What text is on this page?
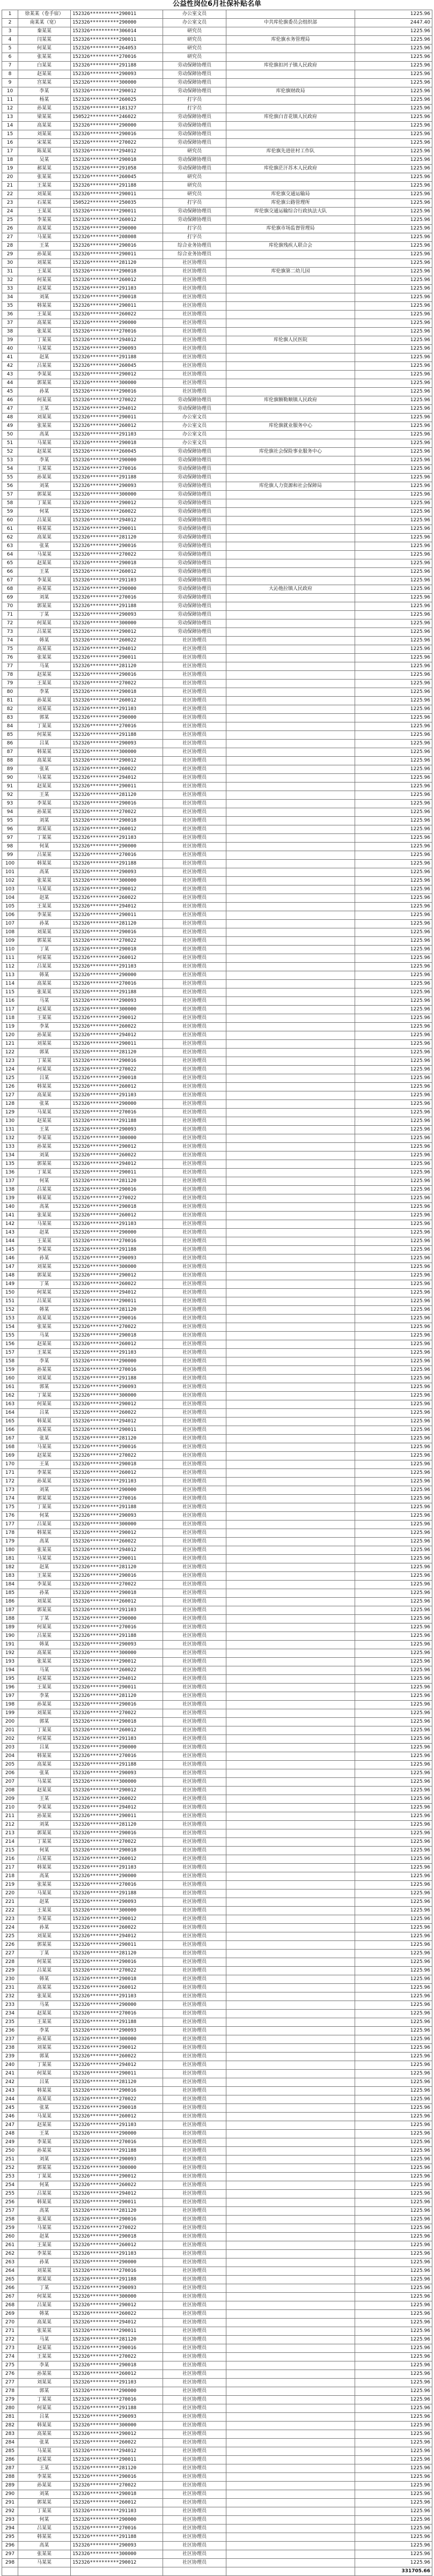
公益性岗位6月社保补贴名单
1	徐某某（卷手宿）	152326**********290011	办公室文员		1225.96
2	南某某（宽）	152326**********290000	办公室文员	中共库伦旗委员会组织部	2447.40
3	秦某某	152326**********306014	研究员		1225.96
4	闫某某	152326**********290011	研究员	库伦旗水务管理局	1225.96
5	何某某	152326**********264053	研究员		1225.96
6	张某某	152326**********270016	研究员		1225.96
7	白某某	152326**********291188	劳动保障协理员	库伦旗扣河子镇人民政府	1225.96
8	赵某某	152326**********290093	劳动保障协理员		1225.96
9	宫某某	152326**********300000	劳动保障协理员		1225.96
10	李某	152326**********290012	劳动保障协理员	库伦旗财政局	1225.96
11	杨某	152326**********260025	打字员		1225.96
12	孙某某	152326**********181327	打字员		1225.96
13	梁某某	150522**********246022	劳动保障协理员	库伦旗白音花镇人民政府	1225.96
14	高某某	152326**********290000	劳动保障协理员		1225.96
15	刘某某	152326**********290016	劳动保障协理员		1225.96
16	宋某某	152326**********270022	劳动保障协理员		1225.96
17	陈某某	152326**********294012	研究员	库伦旗先进驻村工作队	1225.96
18	吴某	152326**********290018	劳动保障协理员		1225.96
19	郝某某	152326**********291058	劳动保障协理员	库伦旗茫汗苏木人民政府	1225.96
20	张某某	152326**********260045	研究员		1225.96
21	王某某	152326**********291188	研究员		1225.96
22	刘某某	152326**********290011	研究员	库伦旗交通运输局	1225.96
23	石某某	150522**********250035	打字员	库伦旗公路管理所	1225.96
24	王某某	152326**********290011	劳动保障协理员	库伦旗交通运输综合行政执法大队	1225.96
25	李某某	152326**********260012	劳动保障协理员		1225.96
26	高某某	152326**********290000	打字员	库伦旗市场监督管理局	1225.96
27	马某某	152326**********208008	打字员		1225.96
28	王某	152326**********290016	综合业务协理员	库伦旗残疾人联合会	1225.96
29	孙某某	152326**********290011	综合业务协理员		1225.96
30	刘某某	152326**********281120	社区协理员		1225.96
31	王某某	152326**********290018	社区协理员	库伦旗第二幼儿园	1225.96
32	何某某	152326**********260012	社区协理员		1225.96
33	赵某某	152326**********291103	社区协理员		1225.96
34	刘某	152326**********290018	社区协理员		1225.96
35	韩某某	152326**********290011	社区协理员		1225.96
36	王某某	152326**********260022	社区协理员		1225.96
37	高某某	152326**********290000	社区协理员		1225.96
38	张某某	152326**********270016	社区协理员		1225.96
39	丁某某	152326**********294012	社区协理员	库伦旗人民医院	1225.96
40	马某某	152326**********290093	社区协理员		1225.96
41	赵某	152326**********291188	社区协理员		1225.96
42	吕某某	152326**********260045	社区协理员		1225.96
43	李某某	152326**********290012	社区协理员		1225.96
44	郭某某	152326**********300000	社区协理员		1225.96
45	孙某	152326**********290016	社区协理员		1225.96
46	何某某	152326**********270022	劳动保障协理员	库伦旗额勒顺镇人民政府	1225.96
47	王某	152326**********294012	劳动保障协理员		1225.96
48	刘某某	152326**********290011	办公室文员		1225.96
49	张某某	152326**********260012	办公室文员	库伦旗就业服务中心	1225.96
50	高某	152326**********291103	办公室文员		1225.96
51	马某某	152326**********290018	办公室文员		1225.96
52	赵某某	152326**********260045	劳动保障协理员	库伦旗社会保险事业服务中心	1225.96
53	李某	152326**********290000	劳动保障协理员		1225.96
54	王某某	152326**********270016	劳动保障协理员		1225.96
55	孙某某	152326**********291188	劳动保障协理员		1225.96
56	刘某	152326**********290093	劳动保障协理员	库伦旗人力资源和社会保障局	1225.96
57	郭某某	152326**********300000	劳动保障协理员		1225.96
58	丁某某	152326**********290012	劳动保障协理员		1225.96
59	何某	152326**********260022	劳动保障协理员		1225.96
60	吕某某	152326**********294012	劳动保障协理员		1225.96
61	韩某某	152326**********290011	劳动保障协理员		1225.96
62	高某某	152326**********281120	劳动保障协理员		1225.96
63	张某	152326**********290016	劳动保障协理员		1225.96
64	马某某	152326**********270022	劳动保障协理员		1225.96
65	赵某某	152326**********290018	劳动保障协理员		1225.96
66	王某	152326**********260012	劳动保障协理员		1225.96
67	李某某	152326**********291103	劳动保障协理员		1225.96
68	孙某某	152326**********290000	劳动保障协理员	大沁他拉镇人民政府	1225.96
69	刘某	152326**********270016	劳动保障协理员		1225.96
70	郭某某	152326**********291188	劳动保障协理员		1225.96
71	丁某	152326**********290093	劳动保障协理员		1225.96
72	何某某	152326**********300000	劳动保障协理员		1225.96
73	吕某某	152326**********290012	劳动保障协理员		1225.96
74	韩某	152326**********260022	社区协理员		1225.96
75	高某某	152326**********294012	社区协理员		1225.96
76	张某某	152326**********290011	社区协理员		1225.96
77	马某	152326**********281120	社区协理员		1225.96
78	赵某某	152326**********290016	社区协理员		1225.96
79	王某某	152326**********270022	社区协理员		1225.96
80	李某	152326**********290018	社区协理员		1225.96
81	孙某某	152326**********260012	社区协理员		1225.96
82	刘某某	152326**********291103	社区协理员		1225.96
83	郭某	152326**********290000	社区协理员		1225.96
84	丁某某	152326**********270016	社区协理员		1225.96
85	何某某	152326**********291188	社区协理员		1225.96
86	吕某	152326**********290093	社区协理员		1225.96
87	韩某某	152326**********300000	社区协理员		1225.96
88	高某某	152326**********290012	社区协理员		1225.96
89	张某	152326**********260022	社区协理员		1225.96
90	马某某	152326**********294012	社区协理员		1225.96
91	赵某某	152326**********290011	社区协理员		1225.96
92	王某	152326**********281120	社区协理员		1225.96
93	李某某	152326**********290016	社区协理员		1225.96
94	孙某某	152326**********270022	社区协理员		1225.96
95	刘某	152326**********290018	社区协理员		1225.96
96	郭某某	152326**********260012	社区协理员		1225.96
97	丁某某	152326**********291103	社区协理员		1225.96
98	何某	152326**********290000	社区协理员		1225.96
99	吕某某	152326**********270016	社区协理员		1225.96
100	韩某某	152326**********291188	社区协理员		1225.96
101	高某	152326**********290093	社区协理员		1225.96
102	张某某	152326**********300000	社区协理员		1225.96
103	马某某	152326**********290012	社区协理员		1225.96
104	赵某	152326**********260022	社区协理员		1225.96
105	王某某	152326**********294012	社区协理员		1225.96
106	李某某	152326**********290011	社区协理员		1225.96
107	孙某	152326**********281120	社区协理员		1225.96
108	刘某某	152326**********290016	社区协理员		1225.96
109	郭某某	152326**********270022	社区协理员		1225.96
110	丁某	152326**********290018	社区协理员		1225.96
111	何某某	152326**********260012	社区协理员		1225.96
112	吕某某	152326**********291103	社区协理员		1225.96
113	韩某	152326**********290000	社区协理员		1225.96
114	高某某	152326**********270016	社区协理员		1225.96
115	张某某	152326**********291188	社区协理员		1225.96
116	马某	152326**********290093	社区协理员		1225.96
117	赵某某	152326**********300000	社区协理员		1225.96
118	王某某	152326**********290012	社区协理员		1225.96
119	李某	152326**********260022	社区协理员		1225.96
120	孙某某	152326**********294012	社区协理员		1225.96
121	刘某某	152326**********290011	社区协理员		1225.96
122	郭某	152326**********281120	社区协理员		1225.96
123	丁某某	152326**********290016	社区协理员		1225.96
124	何某某	152326**********270022	社区协理员		1225.96
125	吕某	152326**********290018	社区协理员		1225.96
126	韩某某	152326**********260012	社区协理员		1225.96
127	高某某	152326**********291103	社区协理员		1225.96
128	张某	152326**********290000	社区协理员		1225.96
129	马某某	152326**********270016	社区协理员		1225.96
130	赵某某	152326**********291188	社区协理员		1225.96
131	王某	152326**********290093	社区协理员		1225.96
132	李某某	152326**********300000	社区协理员		1225.96
133	孙某某	152326**********290012	社区协理员		1225.96
134	刘某	152326**********260022	社区协理员		1225.96
135	郭某某	152326**********294012	社区协理员		1225.96
136	丁某某	152326**********290011	社区协理员		1225.96
137	何某	152326**********281120	社区协理员		1225.96
138	吕某某	152326**********290016	社区协理员		1225.96
139	韩某某	152326**********270022	社区协理员		1225.96
140	高某	152326**********290018	社区协理员		1225.96
141	张某某	152326**********260012	社区协理员		1225.96
142	马某某	152326**********291103	社区协理员		1225.96
143	赵某	152326**********290000	社区协理员		1225.96
144	王某某	152326**********270016	社区协理员		1225.96
145	李某某	152326**********291188	社区协理员		1225.96
146	孙某	152326**********290093	社区协理员		1225.96
147	刘某某	152326**********300000	社区协理员		1225.96
148	郭某某	152326**********290012	社区协理员		1225.96
149	丁某	152326**********260022	社区协理员		1225.96
150	何某某	152326**********294012	社区协理员		1225.96
151	吕某某	152326**********290011	社区协理员		1225.96
152	韩某	152326**********281120	社区协理员		1225.96
153	高某某	152326**********290016	社区协理员		1225.96
154	张某某	152326**********270022	社区协理员		1225.96
155	马某	152326**********290018	社区协理员		1225.96
156	赵某某	152326**********260012	社区协理员		1225.96
157	王某某	152326**********291103	社区协理员		1225.96
158	李某	152326**********290000	社区协理员		1225.96
159	孙某某	152326**********270016	社区协理员		1225.96
160	刘某某	152326**********291188	社区协理员		1225.96
161	郭某	152326**********290093	社区协理员		1225.96
162	丁某某	152326**********300000	社区协理员		1225.96
163	何某某	152326**********290012	社区协理员		1225.96
164	吕某	152326**********260022	社区协理员		1225.96
165	韩某某	152326**********294012	社区协理员		1225.96
166	高某某	152326**********290011	社区协理员		1225.96
167	张某	152326**********281120	社区协理员		1225.96
168	马某某	152326**********290016	社区协理员		1225.96
169	赵某某	152326**********270022	社区协理员		1225.96
170	王某	152326**********290018	社区协理员		1225.96
171	李某某	152326**********260012	社区协理员		1225.96
172	孙某某	152326**********291103	社区协理员		1225.96
173	刘某	152326**********290000	社区协理员		1225.96
174	郭某某	152326**********270016	社区协理员		1225.96
175	丁某某	152326**********291188	社区协理员		1225.96
176	何某	152326**********290093	社区协理员		1225.96
177	吕某某	152326**********300000	社区协理员		1225.96
178	韩某某	152326**********290012	社区协理员		1225.96
179	高某	152326**********260022	社区协理员		1225.96
180	张某某	152326**********294012	社区协理员		1225.96
181	马某某	152326**********290011	社区协理员		1225.96
182	赵某	152326**********281120	社区协理员		1225.96
183	王某某	152326**********290016	社区协理员		1225.96
184	李某某	152326**********270022	社区协理员		1225.96
185	孙某	152326**********290018	社区协理员		1225.96
186	刘某某	152326**********260012	社区协理员		1225.96
187	郭某某	152326**********291103	社区协理员		1225.96
188	丁某	152326**********290000	社区协理员		1225.96
189	何某某	152326**********270016	社区协理员		1225.96
190	吕某某	152326**********291188	社区协理员		1225.96
191	韩某	152326**********290093	社区协理员		1225.96
192	高某某	152326**********300000	社区协理员		1225.96
193	张某某	152326**********290012	社区协理员		1225.96
194	马某	152326**********260022	社区协理员		1225.96
195	赵某某	152326**********294012	社区协理员		1225.96
196	王某某	152326**********290011	社区协理员		1225.96
197	李某	152326**********281120	社区协理员		1225.96
198	孙某某	152326**********290016	社区协理员		1225.96
199	刘某某	152326**********270022	社区协理员		1225.96
200	郭某	152326**********290018	社区协理员		1225.96
201	丁某某	152326**********260012	社区协理员		1225.96
202	何某某	152326**********291103	社区协理员		1225.96
203	吕某	152326**********290000	社区协理员		1225.96
204	韩某某	152326**********270016	社区协理员		1225.96
205	高某某	152326**********291188	社区协理员		1225.96
206	张某	152326**********290093	社区协理员		1225.96
207	马某某	152326**********300000	社区协理员		1225.96
208	赵某某	152326**********290012	社区协理员		1225.96
209	王某	152326**********260022	社区协理员		1225.96
210	李某某	152326**********294012	社区协理员		1225.96
211	孙某某	152326**********290011	社区协理员		1225.96
212	刘某	152326**********281120	社区协理员		1225.96
213	郭某某	152326**********290016	社区协理员		1225.96
214	丁某某	152326**********270022	社区协理员		1225.96
215	何某	152326**********290018	社区协理员		1225.96
216	吕某某	152326**********260012	社区协理员		1225.96
217	韩某某	152326**********291103	社区协理员		1225.96
218	高某	152326**********290000	社区协理员		1225.96
219	张某某	152326**********270016	社区协理员		1225.96
220	马某某	152326**********291188	社区协理员		1225.96
221	赵某	152326**********290093	社区协理员		1225.96
222	王某某	152326**********300000	社区协理员		1225.96
223	李某某	152326**********290012	社区协理员		1225.96
224	孙某	152326**********260022	社区协理员		1225.96
225	刘某某	152326**********294012	社区协理员		1225.96
226	郭某某	152326**********290011	社区协理员		1225.96
227	丁某	152326**********281120	社区协理员		1225.96
228	何某某	152326**********290016	社区协理员		1225.96
229	吕某某	152326**********270022	社区协理员		1225.96
230	韩某	152326**********290018	社区协理员		1225.96
231	高某某	152326**********260012	社区协理员		1225.96
232	张某某	152326**********291103	社区协理员		1225.96
233	马某	152326**********290000	社区协理员		1225.96
234	赵某某	152326**********270016	社区协理员		1225.96
235	王某某	152326**********291188	社区协理员		1225.96
236	李某	152326**********290093	社区协理员		1225.96
237	孙某某	152326**********300000	社区协理员		1225.96
238	刘某某	152326**********290012	社区协理员		1225.96
239	郭某	152326**********260022	社区协理员		1225.96
240	丁某某	152326**********294012	社区协理员		1225.96
241	何某某	152326**********290011	社区协理员		1225.96
242	吕某	152326**********281120	社区协理员		1225.96
243	韩某某	152326**********290016	社区协理员		1225.96
244	高某某	152326**********270022	社区协理员		1225.96
245	张某	152326**********290018	社区协理员		1225.96
246	马某某	152326**********260012	社区协理员		1225.96
247	赵某某	152326**********291103	社区协理员		1225.96
248	王某	152326**********290000	社区协理员		1225.96
249	李某某	152326**********270016	社区协理员		1225.96
250	孙某某	152326**********291188	社区协理员		1225.96
251	刘某	152326**********290093	社区协理员		1225.96
252	郭某某	152326**********300000	社区协理员		1225.96
253	丁某某	152326**********290012	社区协理员		1225.96
254	何某	152326**********260022	社区协理员		1225.96
255	吕某某	152326**********294012	社区协理员		1225.96
256	韩某某	152326**********290011	社区协理员		1225.96
257	高某	152326**********281120	社区协理员		1225.96
258	张某某	152326**********290016	社区协理员		1225.96
259	马某某	152326**********270022	社区协理员		1225.96
260	赵某	152326**********290018	社区协理员		1225.96
261	王某某	152326**********260012	社区协理员		1225.96
262	李某某	152326**********291103	社区协理员		1225.96
263	孙某	152326**********290000	社区协理员		1225.96
264	刘某某	152326**********270016	社区协理员		1225.96
265	郭某某	152326**********291188	社区协理员		1225.96
266	丁某	152326**********290093	社区协理员		1225.96
267	何某某	152326**********300000	社区协理员		1225.96
268	吕某某	152326**********290012	社区协理员		1225.96
269	韩某	152326**********260022	社区协理员		1225.96
270	高某某	152326**********294012	社区协理员		1225.96
271	张某某	152326**********290011	社区协理员		1225.96
272	马某	152326**********281120	社区协理员		1225.96
273	赵某某	152326**********290016	社区协理员		1225.96
274	王某某	152326**********270022	社区协理员		1225.96
275	李某	152326**********290018	社区协理员		1225.96
276	孙某某	152326**********260012	社区协理员		1225.96
277	刘某某	152326**********291103	社区协理员		1225.96
278	郭某	152326**********290000	社区协理员		1225.96
279	丁某某	152326**********270016	社区协理员		1225.96
280	何某某	152326**********291188	社区协理员		1225.96
281	吕某	152326**********290093	社区协理员		1225.96
282	韩某某	152326**********300000	社区协理员		1225.96
283	高某某	152326**********290012	社区协理员		1225.96
284	张某	152326**********260022	社区协理员		1225.96
285	马某某	152326**********294012	社区协理员		1225.96
286	赵某某	152326**********290011	社区协理员		1225.96
287	王某	152326**********281120	社区协理员		1225.96
288	李某某	152326**********290016	社区协理员		1225.96
289	孙某某	152326**********270022	社区协理员		1225.96
290	刘某	152326**********290018	社区协理员		1225.96
291	郭某某	152326**********260012	社区协理员		1225.96
292	丁某某	152326**********291103	社区协理员		1225.96
293	何某	152326**********290000	社区协理员		1225.96
294	吕某某	152326**********270016	社区协理员		1225.96
295	韩某某	152326**********291188	社区协理员		1225.96
296	高某	152326**********290093	社区协理员		1225.96
297	张某某	152326**********300000	社区协理员		1225.96
298	马某某	152326**********290012	社区协理员		1225.96
					331705.66
